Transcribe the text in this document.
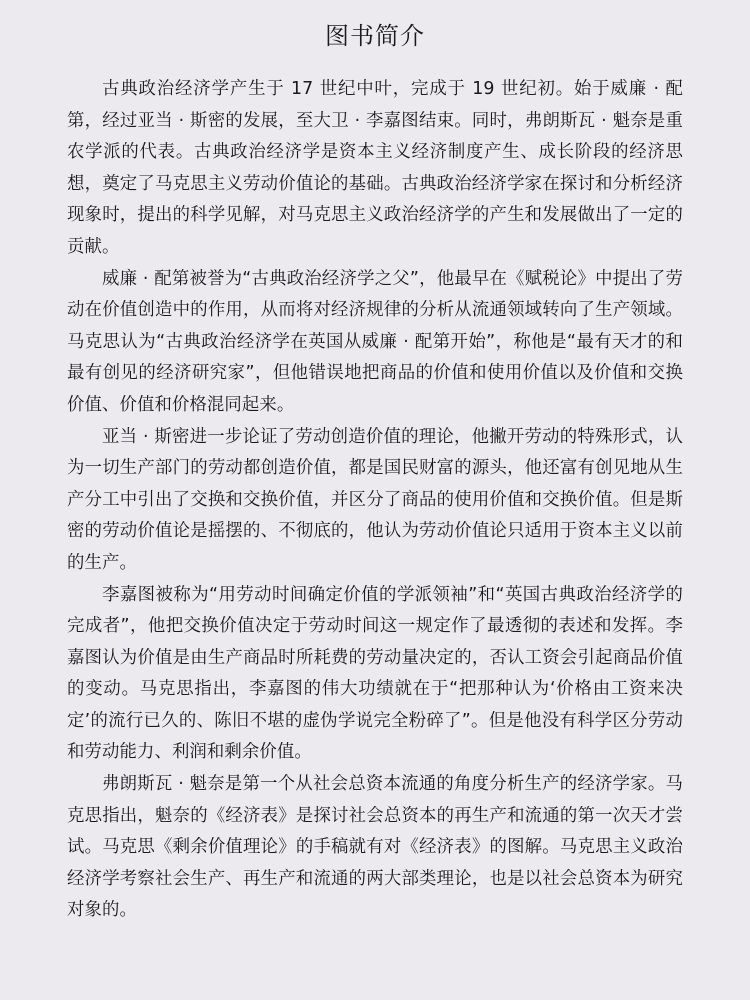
图书简介

古典政治经济学产生于 17 世纪中叶，完成于 19 世纪初。始于威廉 · 配第，经过亚当 · 斯密的发展，至大卫 · 李嘉图结束。同时，弗朗斯瓦 · 魁奈是重农学派的代表。古典政治经济学是资本主义经济制度产生、成长阶段的经济思想，奠定了马克思主义劳动价值论的基础。古典政治经济学家在探讨和分析经济现象时，提出的科学见解，对马克思主义政治经济学的产生和发展做出了一定的贡献。

威廉 · 配第被誉为“古典政治经济学之父”，他最早在《赋税论》中提出了劳动在价值创造中的作用，从而将对经济规律的分析从流通领域转向了生产领域。马克思认为“古典政治经济学在英国从威廉 · 配第开始”，称他是“最有天才的和最有创见的经济研究家”，但他错误地把商品的价值和使用价值以及价值和交换价值、价值和价格混同起来。

亚当 · 斯密进一步论证了劳动创造价值的理论，他撇开劳动的特殊形式，认为一切生产部门的劳动都创造价值，都是国民财富的源头，他还富有创见地从生产分工中引出了交换和交换价值，并区分了商品的使用价值和交换价值。但是斯密的劳动价值论是摇摆的、不彻底的，他认为劳动价值论只适用于资本主义以前的生产。

李嘉图被称为“用劳动时间确定价值的学派领袖”和“英国古典政治经济学的完成者”，他把交换价值决定于劳动时间这一规定作了最透彻的表述和发挥。李嘉图认为价值是由生产商品时所耗费的劳动量决定的，否认工资会引起商品价值的变动。马克思指出，李嘉图的伟大功绩就在于“把那种认为‘价格由工资来决定’的流行已久的、陈旧不堪的虚伪学说完全粉碎了”。但是他没有科学区分劳动和劳动能力、利润和剩余价值。

弗朗斯瓦 · 魁奈是第一个从社会总资本流通的角度分析生产的经济学家。马克思指出，魁奈的《经济表》是探讨社会总资本的再生产和流通的第一次天才尝试。马克思《剩余价值理论》的手稿就有对《经济表》的图解。马克思主义政治经济学考察社会生产、再生产和流通的两大部类理论，也是以社会总资本为研究对象的。
